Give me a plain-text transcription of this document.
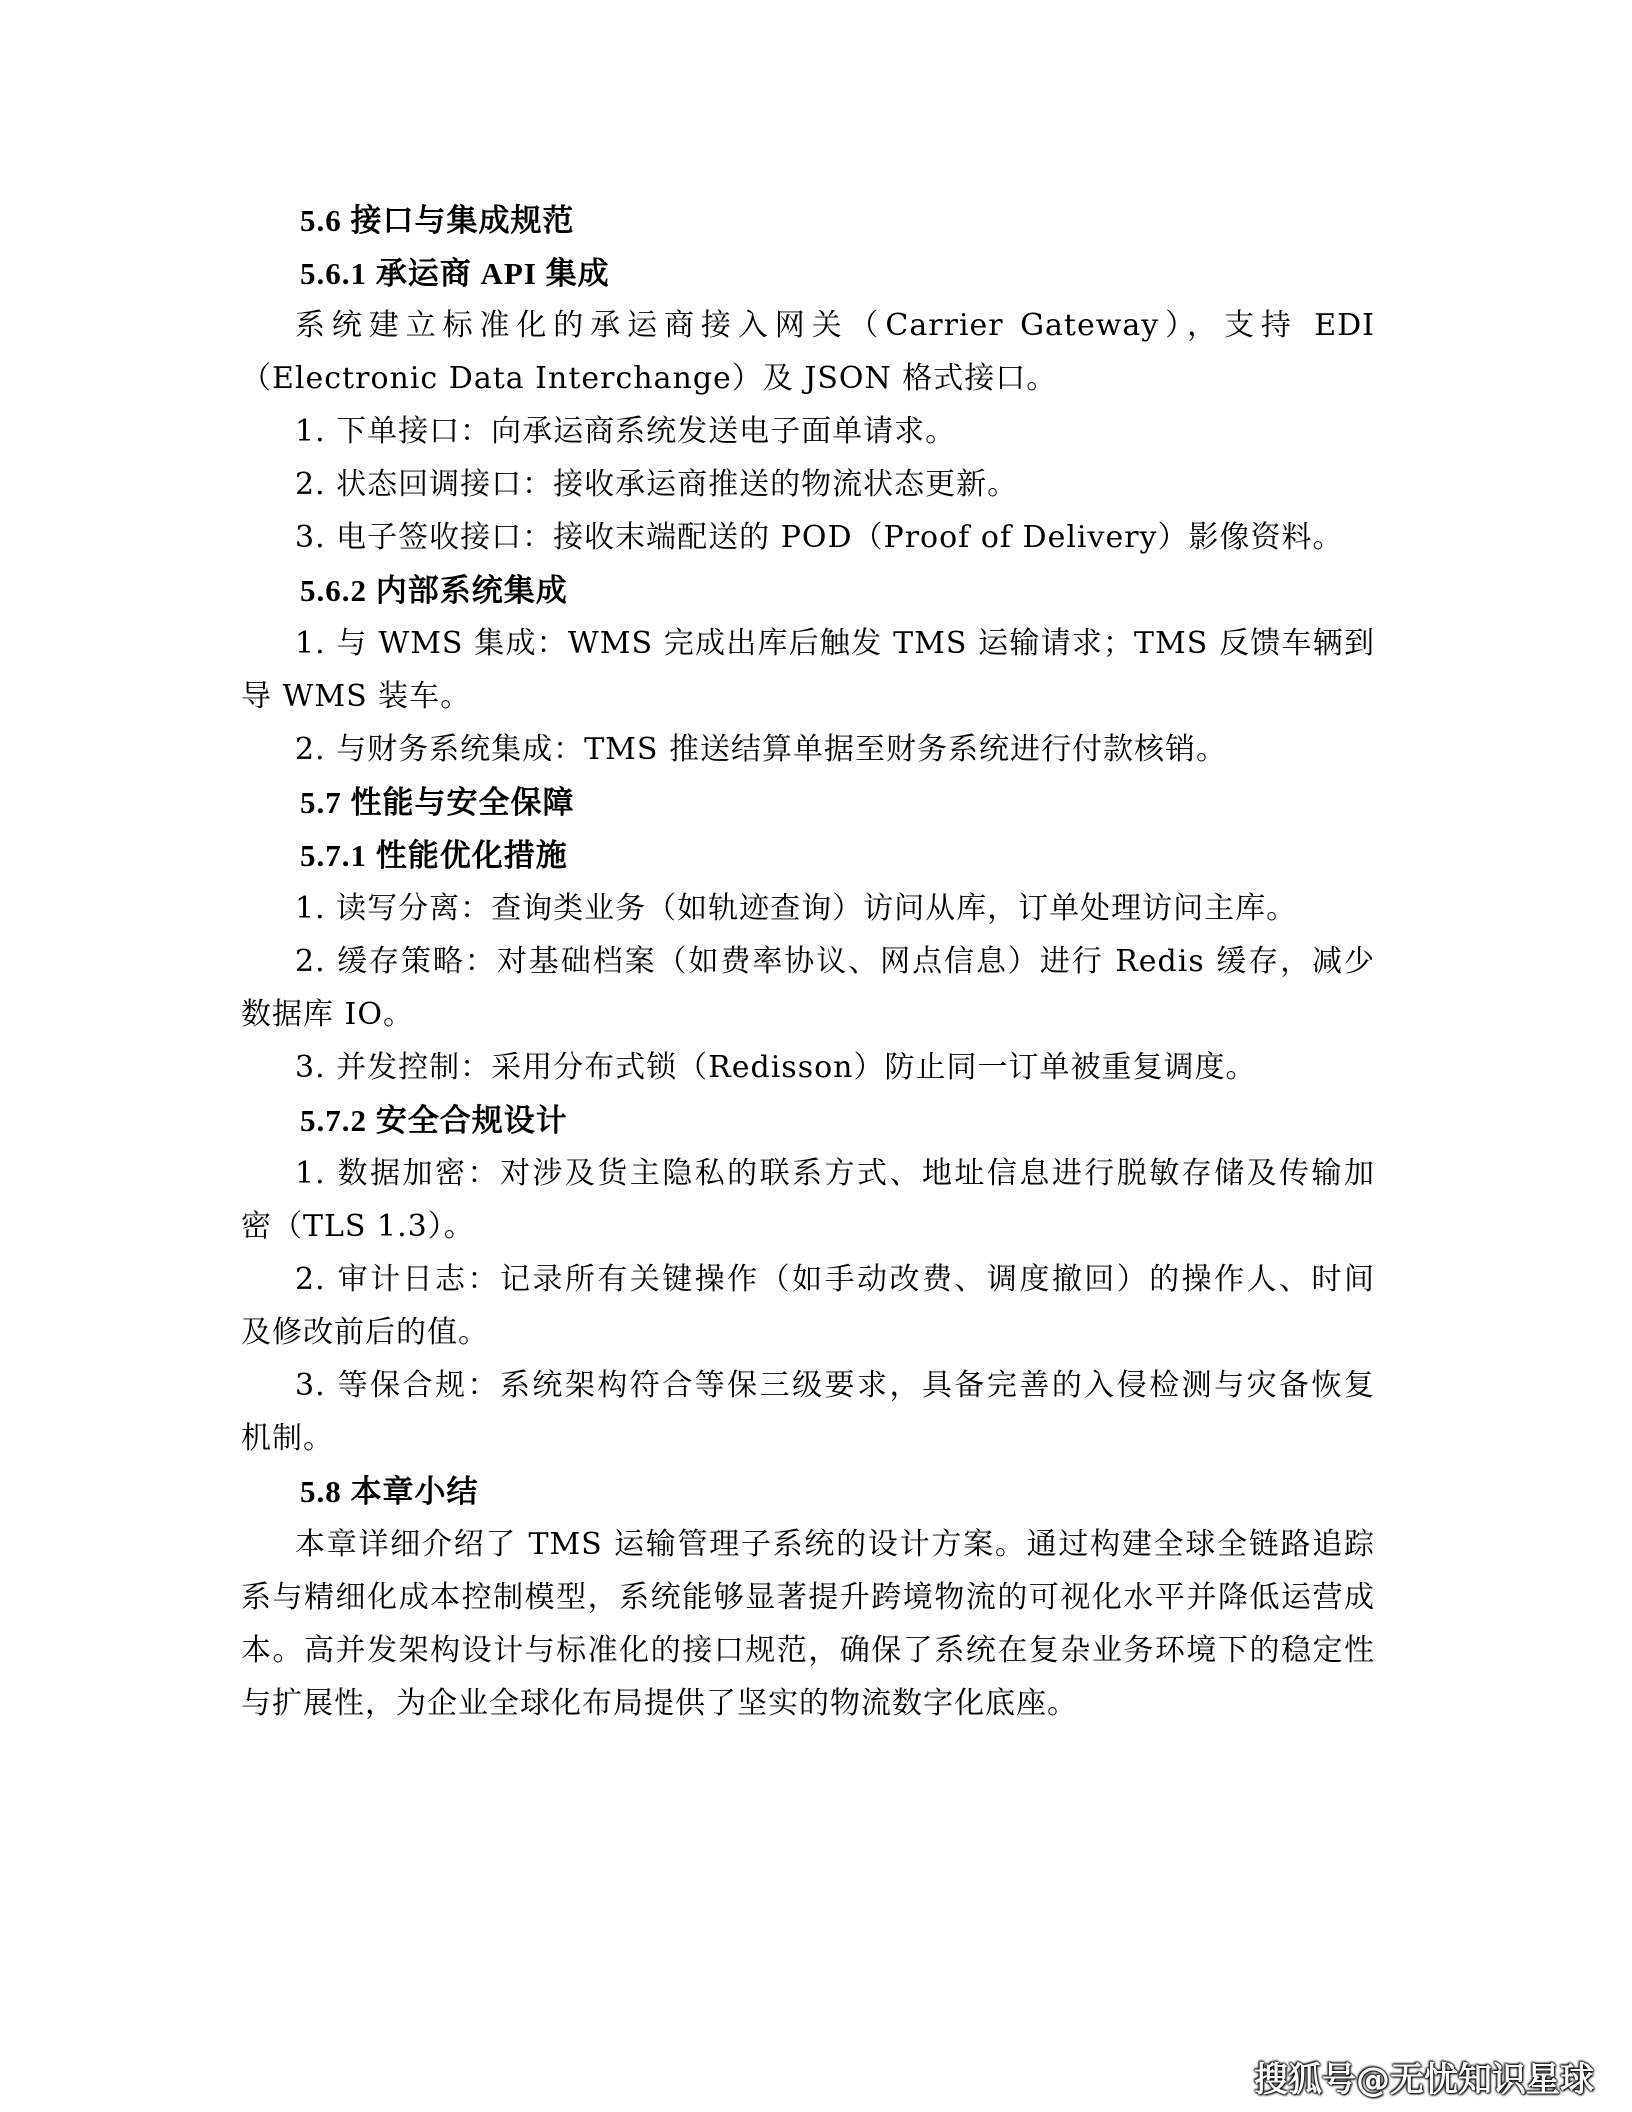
5.6 接口与集成规范
5.6.1 承运商 API 集成
系统建立标准化的承运商接入网关（Carrier Gateway），支持 EDI
（Electronic Data Interchange）及 JSON 格式接口。
1. 下单接口：向承运商系统发送电子面单请求。
2. 状态回调接口：接收承运商推送的物流状态更新。
3. 电子签收接口：接收末端配送的 POD（Proof of Delivery）影像资料。
5.6.2 内部系统集成
1. 与 WMS 集成：WMS 完成出库后触发 TMS 运输请求；TMS 反馈车辆到
导 WMS 装车。
2. 与财务系统集成：TMS 推送结算单据至财务系统进行付款核销。
5.7 性能与安全保障
5.7.1 性能优化措施
1. 读写分离：查询类业务（如轨迹查询）访问从库，订单处理访问主库。
2. 缓存策略：对基础档案（如费率协议、网点信息）进行 Redis 缓存，减少
数据库 IO。
3. 并发控制：采用分布式锁（Redisson）防止同一订单被重复调度。
5.7.2 安全合规设计
1. 数据加密：对涉及货主隐私的联系方式、地址信息进行脱敏存储及传输加
密（TLS 1.3）。
2. 审计日志：记录所有关键操作（如手动改费、调度撤回）的操作人、时间
及修改前后的值。
3. 等保合规：系统架构符合等保三级要求，具备完善的入侵检测与灾备恢复
机制。
5.8 本章小结
本章详细介绍了 TMS 运输管理子系统的设计方案。通过构建全球全链路追踪
系与精细化成本控制模型，系统能够显著提升跨境物流的可视化水平并降低运营成
本。高并发架构设计与标准化的接口规范，确保了系统在复杂业务环境下的稳定性
与扩展性，为企业全球化布局提供了坚实的物流数字化底座。
搜狐号@无忧知识星球
